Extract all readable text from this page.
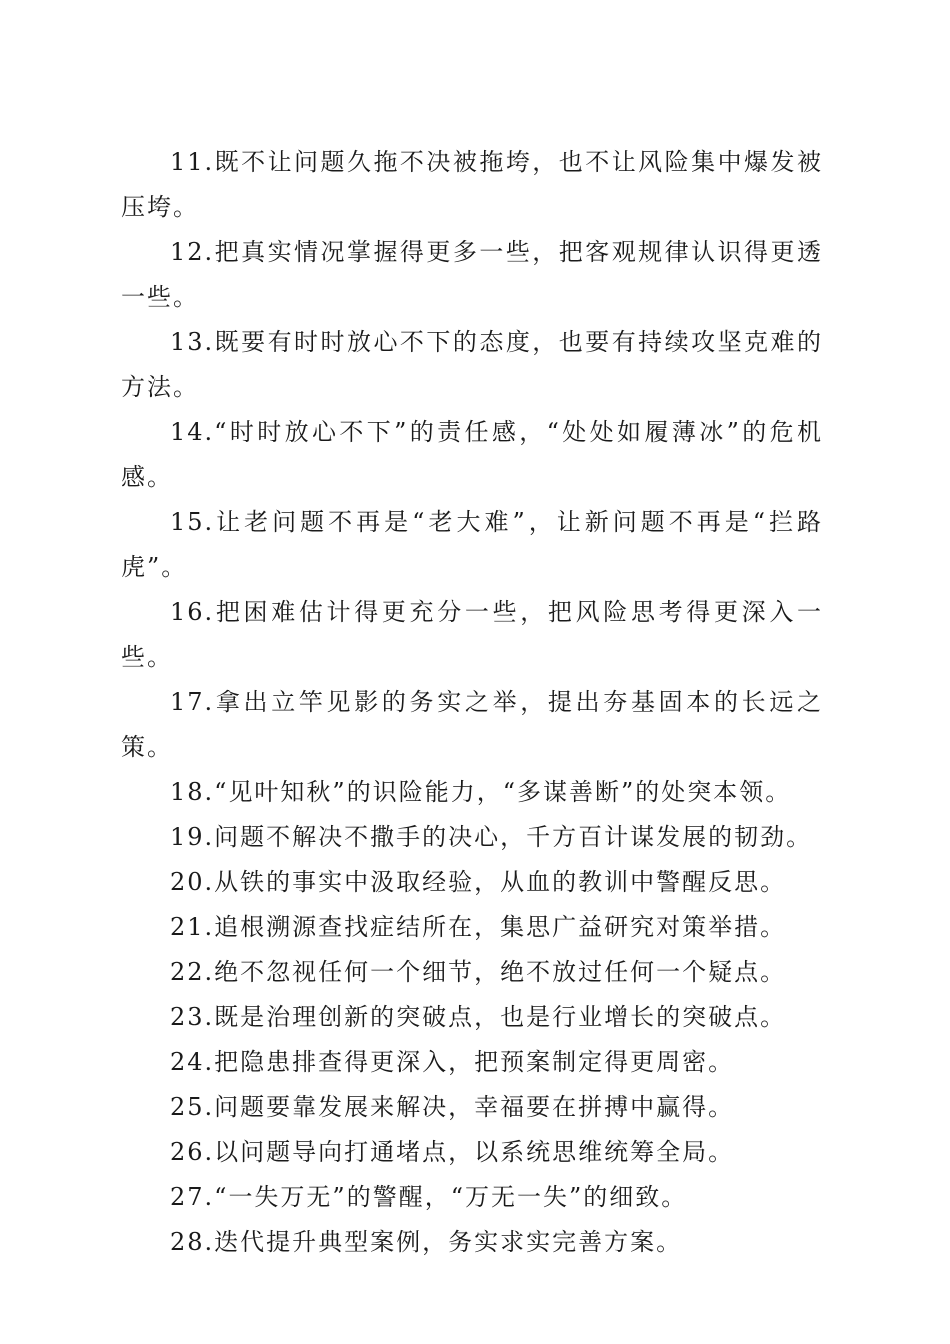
11.既不让问题久拖不决被拖垮，也不让风险集中爆发被压垮。

12.把真实情况掌握得更多一些，把客观规律认识得更透一些。

13.既要有时时放心不下的态度，也要有持续攻坚克难的方法。

14.“时时放心不下”的责任感，“处处如履薄冰”的危机感。

15.让老问题不再是“老大难”，让新问题不再是“拦路虎”。

16.把困难估计得更充分一些，把风险思考得更深入一些。

17.拿出立竿见影的务实之举，提出夯基固本的长远之策。

18.“见叶知秋”的识险能力，“多谋善断”的处突本领。

19.问题不解决不撒手的决心，千方百计谋发展的韧劲。

20.从铁的事实中汲取经验，从血的教训中警醒反思。

21.追根溯源查找症结所在，集思广益研究对策举措。

22.绝不忽视任何一个细节，绝不放过任何一个疑点。

23.既是治理创新的突破点，也是行业增长的突破点。

24.把隐患排查得更深入，把预案制定得更周密。

25.问题要靠发展来解决，幸福要在拼搏中赢得。

26.以问题导向打通堵点，以系统思维统筹全局。

27.“一失万无”的警醒，“万无一失”的细致。

28.迭代提升典型案例，务实求实完善方案。
